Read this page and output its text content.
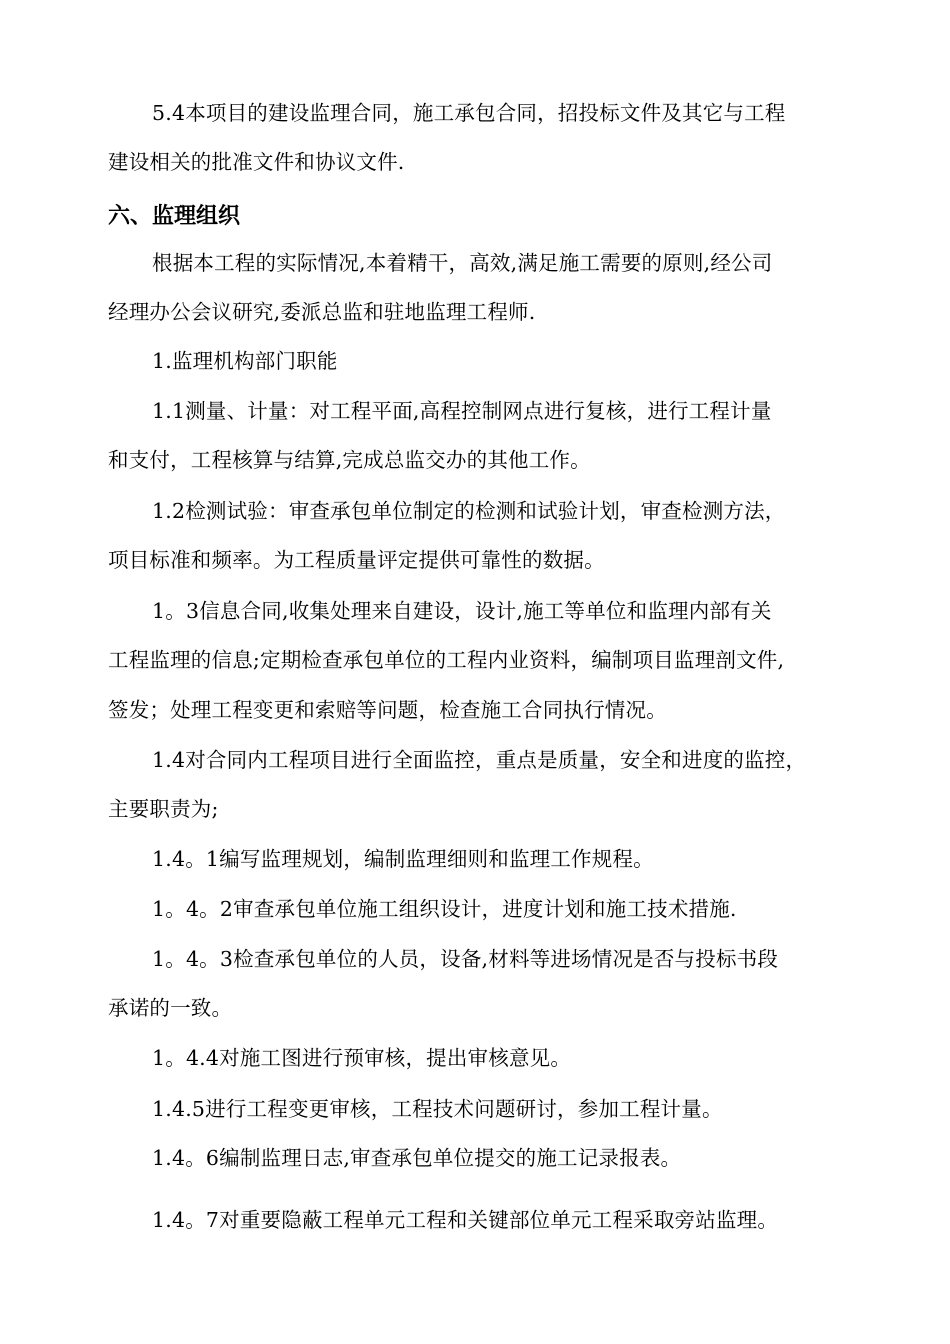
5.4本项目的建设监理合同，施工承包合同，招投标文件及其它与工程
建设相关的批准文件和协议文件.
六、监理组织
根据本工程的实际情况,本着精干，高效,满足施工需要的原则,经公司
经理办公会议研究,委派总监和驻地监理工程师.
1.监理机构部门职能
1.1测量、计量：对工程平面,高程控制网点进行复核，进行工程计量
和支付，工程核算与结算,完成总监交办的其他工作。
1.2检测试验：审查承包单位制定的检测和试验计划，审查检测方法，
项目标准和频率。为工程质量评定提供可靠性的数据。
1。3信息合同,收集处理来自建设，设计,施工等单位和监理内部有关
工程监理的信息;定期检查承包单位的工程内业资料，编制项目监理剖文件,
签发；处理工程变更和索赔等问题，检查施工合同执行情况。
1.4对合同内工程项目进行全面监控，重点是质量，安全和进度的监控，
主要职责为;
1.4。1编写监理规划，编制监理细则和监理工作规程。
1。4。2审查承包单位施工组织设计，进度计划和施工技术措施.
1。4。3检查承包单位的人员，设备,材料等进场情况是否与投标书段
承诺的一致。
1。4.4对施工图进行预审核，提出审核意见。
1.4.5进行工程变更审核，工程技术问题研讨，参加工程计量。
1.4。6编制监理日志,审查承包单位提交的施工记录报表。
1.4。7对重要隐蔽工程单元工程和关键部位单元工程采取旁站监理。
